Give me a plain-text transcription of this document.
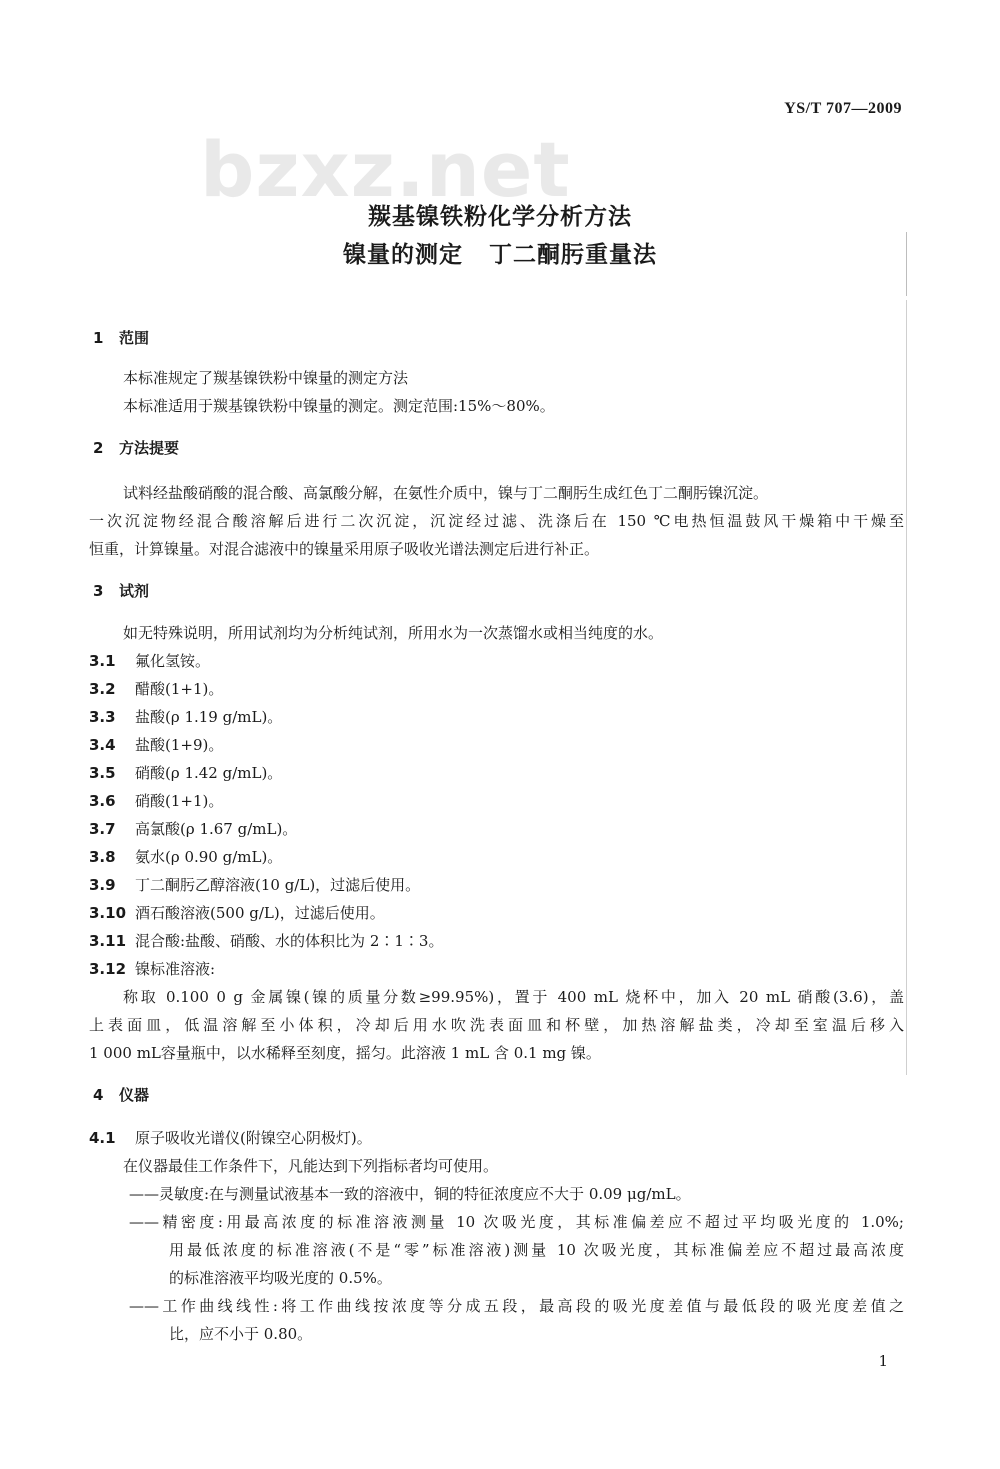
YS/T 707—2009
bzxz.net
羰基镍铁粉化学分析方法
镍量的测定 丁二酮肟重量法
1 范围
本标准规定了羰基镍铁粉中镍量的测定方法
本标准适用于羰基镍铁粉中镍量的测定。测定范围:15%～80%。
2 方法提要
试料经盐酸硝酸的混合酸、高氯酸分解，在氨性介质中，镍与丁二酮肟生成红色丁二酮肟镍沉淀。
一次沉淀物经混合酸溶解后进行二次沉淀，沉淀经过滤、洗涤后在 150 ℃电热恒温鼓风干燥箱中干燥至
恒重，计算镍量。对混合滤液中的镍量采用原子吸收光谱法测定后进行补正。
3 试剂
如无特殊说明，所用试剂均为分析纯试剂，所用水为一次蒸馏水或相当纯度的水。
3.1 氟化氢铵。
3.2 醋酸(1+1)。
3.3 盐酸(ρ 1.19 g/mL)。
3.4 盐酸(1+9)。
3.5 硝酸(ρ 1.42 g/mL)。
3.6 硝酸(1+1)。
3.7 高氯酸(ρ 1.67 g/mL)。
3.8 氨水(ρ 0.90 g/mL)。
3.9 丁二酮肟乙醇溶液(10 g/L)，过滤后使用。
3.10 酒石酸溶液(500 g/L)，过滤后使用。
3.11 混合酸:盐酸、硝酸、水的体积比为 2∶1∶3。
3.12 镍标准溶液:
称取 0.100 0 g 金属镍(镍的质量分数≥99.95%)，置于 400 mL 烧杯中，加入 20 mL 硝酸(3.6)，盖
上表面皿，低温溶解至小体积，冷却后用水吹洗表面皿和杯壁，加热溶解盐类，冷却至室温后移入
1 000 mL容量瓶中，以水稀释至刻度，摇匀。此溶液 1 mL 含 0.1 mg 镍。
4 仪器
4.1 原子吸收光谱仪(附镍空心阴极灯)。
在仪器最佳工作条件下，凡能达到下列指标者均可使用。
——灵敏度:在与测量试液基本一致的溶液中，铜的特征浓度应不大于 0.09 μg/mL。
——精密度:用最高浓度的标准溶液测量 10 次吸光度，其标准偏差应不超过平均吸光度的 1.0%;
用最低浓度的标准溶液(不是“零”标准溶液)测量 10 次吸光度，其标准偏差应不超过最高浓度
的标准溶液平均吸光度的 0.5%。
——工作曲线线性:将工作曲线按浓度等分成五段，最高段的吸光度差值与最低段的吸光度差值之
比，应不小于 0.80。
1
